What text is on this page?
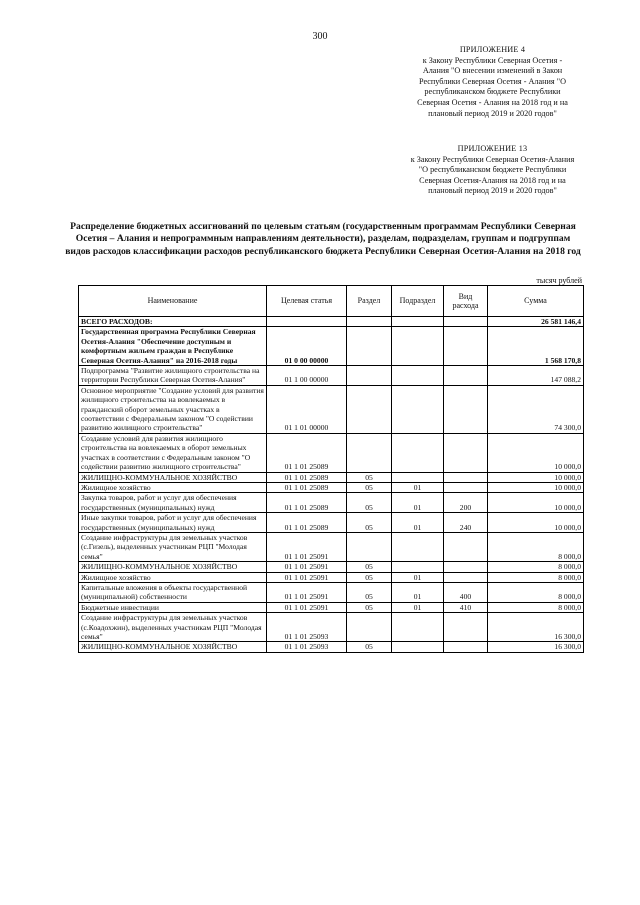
300
ПРИЛОЖЕНИЕ 4
к Закону Республики Северная Осетия -
Алания "О внесении изменений в Закон
Республики Северная Осетия - Алания "О
республиканском бюджете Республики
Северная Осетия - Алания на 2018 год и на
плановый период 2019 и 2020 годов"
ПРИЛОЖЕНИЕ 13
к Закону Республики Северная Осетия-Алания
"О республиканском бюджете Республики
Северная Осетия-Алания на 2018 год и на
плановый период 2019 и 2020 годов"
Распределение бюджетных ассигнований по целевым статьям (государственным программам Республики Северная Осетия – Алания и непрограммным направлениям деятельности), разделам, подразделам, группам и подгруппам видов расходов классификации расходов республиканского бюджета Республики Северная Осетия-Алания на 2018 год
тысяч рублей
Наименование	Целевая статья	Раздел	Подраздел	Вид расхода	Сумма
ВСЕГО РАСХОДОВ:					26 581 146,4
Государственная программа Республики Северная Осетия-Алания "Обеспечение доступным и комфортным жильем граждан в Республике Северная Осетия-Алания" на 2016-2018 годы	01 0 00 00000				1 568 170,8
Подпрограмма "Развитие жилищного строительства на территории Республики Северная Осетия-Алания"	01 1 00 00000				147 088,2
Основное мероприятие "Создание условий для развития жилищного строительства на вовлекаемых в гражданский оборот земельных участках в соответствии с Федеральным законом "О содействии развитию жилищного строительства"	01 1 01 00000				74 300,0
Создание условий для развития жилищного строительства на вовлекаемых в оборот земельных участках в соответствии с Федеральным законом "О содействии развитию жилищного строительства"	01 1 01 25089				10 000,0
ЖИЛИЩНО-КОММУНАЛЬНОЕ ХОЗЯЙСТВО	01 1 01 25089	05			10 000,0
Жилищное хозяйство	01 1 01 25089	05	01		10 000,0
Закупка товаров, работ и услуг для обеспечения государственных (муниципальных) нужд	01 1 01 25089	05	01	200	10 000,0
Иные закупки товаров, работ и услуг для обеспечения государственных (муниципальных) нужд	01 1 01 25089	05	01	240	10 000,0
Создание инфраструктуры для земельных участков (с.Гизель), выделенных участникам РЦП "Молодая семья"	01 1 01 25091				8 000,0
ЖИЛИЩНО-КОММУНАЛЬНОЕ ХОЗЯЙСТВО	01 1 01 25091	05			8 000,0
Жилищное хозяйство	01 1 01 25091	05	01		8 000,0
Капитальные вложения в объекты государственной (муниципальной) собственности	01 1 01 25091	05	01	400	8 000,0
Бюджетные инвестиции	01 1 01 25091	05	01	410	8 000,0
Создание инфраструктуры для земельных участков (с.Коадохжин), выделенных участникам РЦП "Молодая семья"	01 1 01 25093				16 300,0
ЖИЛИЩНО-КОММУНАЛЬНОЕ ХОЗЯЙСТВО	01 1 01 25093	05			16 300,0
